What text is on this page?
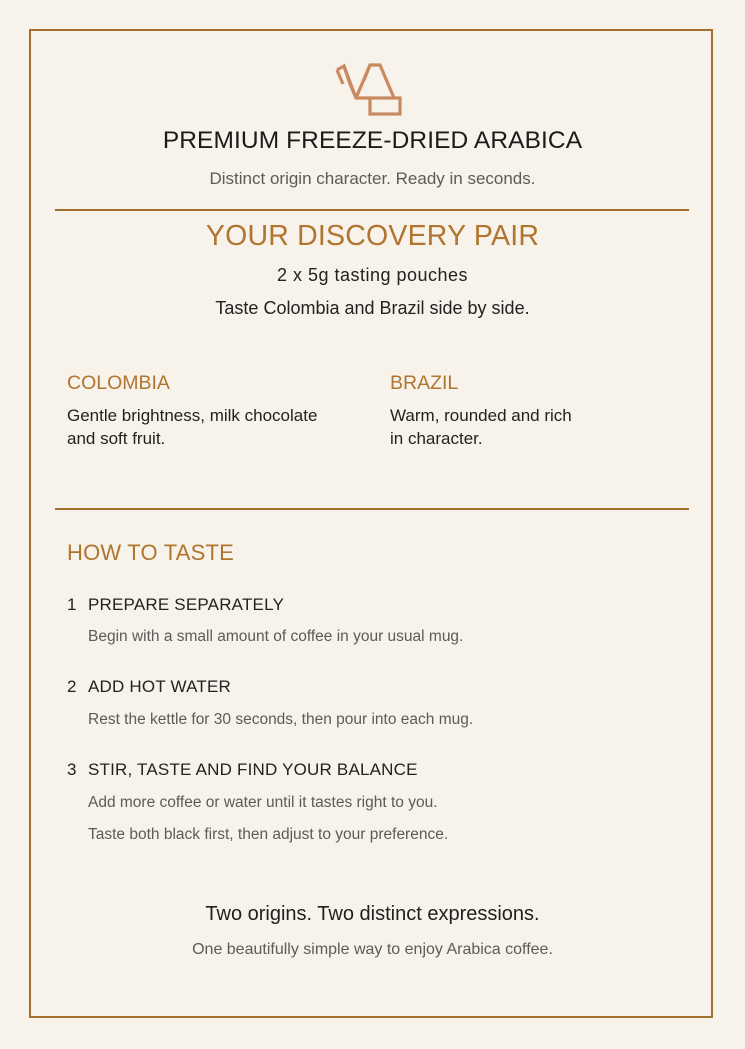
PREMIUM FREEZE-DRIED ARABICA
Distinct origin character. Ready in seconds.
YOUR DISCOVERY PAIR
2 x 5g tasting pouches
Taste Colombia and Brazil side by side.
COLOMBIA
Gentle brightness, milk chocolate
and soft fruit.
BRAZIL
Warm, rounded and rich
in character.
HOW TO TASTE
1 PREPARE SEPARATELY
Begin with a small amount of coffee in your usual mug.
2 ADD HOT WATER
Rest the kettle for 30 seconds, then pour into each mug.
3 STIR, TASTE AND FIND YOUR BALANCE
Add more coffee or water until it tastes right to you.
Taste both black first, then adjust to your preference.
Two origins. Two distinct expressions.
One beautifully simple way to enjoy Arabica coffee.
